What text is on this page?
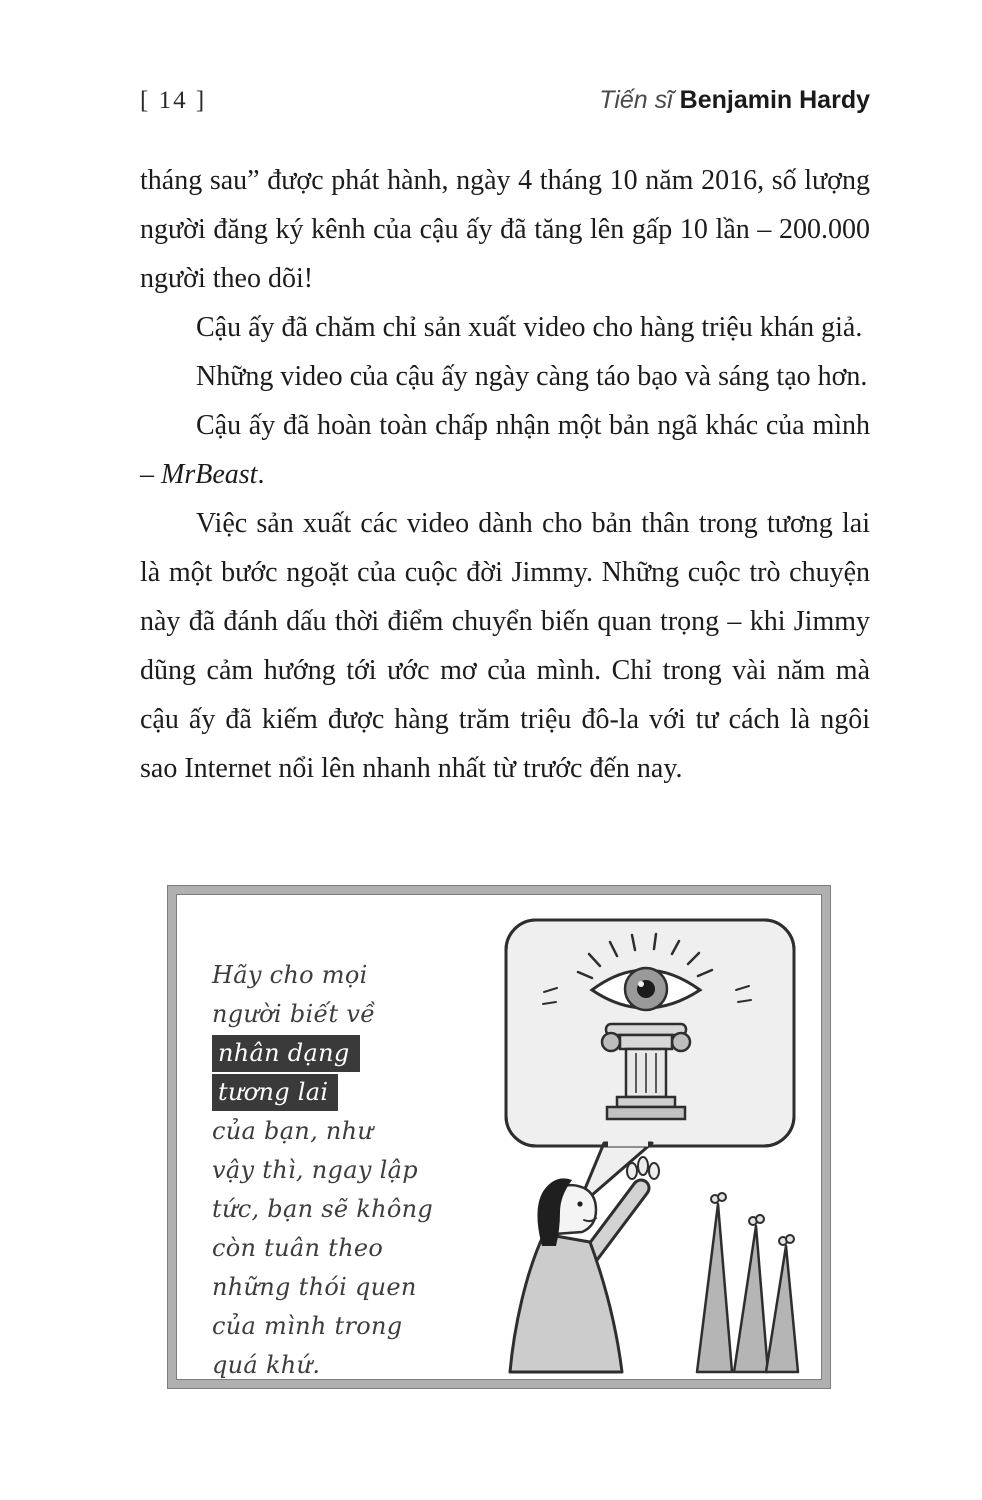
[ 14 ]	Tiến sĩ Benjamin Hardy

tháng sau” được phát hành, ngày 4 tháng 10 năm 2016, số lượng người đăng ký kênh của cậu ấy đã tăng lên gấp 10 lần – 200.000 người theo dõi!

Cậu ấy đã chăm chỉ sản xuất video cho hàng triệu khán giả.

Những video của cậu ấy ngày càng táo bạo và sáng tạo hơn.

Cậu ấy đã hoàn toàn chấp nhận một bản ngã khác của mình – MrBeast.

Việc sản xuất các video dành cho bản thân trong tương lai là một bước ngoặt của cuộc đời Jimmy. Những cuộc trò chuyện này đã đánh dấu thời điểm chuyển biến quan trọng – khi Jimmy dũng cảm hướng tới ước mơ của mình. Chỉ trong vài năm mà cậu ấy đã kiếm được hàng trăm triệu đô-la với tư cách là ngôi sao Internet nổi lên nhanh nhất từ trước đến nay.

Hãy cho mọi
người biết về
nhân dạng
tương lai
của bạn, như
vậy thì, ngay lập
tức, bạn sẽ không
còn tuân theo
những thói quen
của mình trong
quá khứ.
